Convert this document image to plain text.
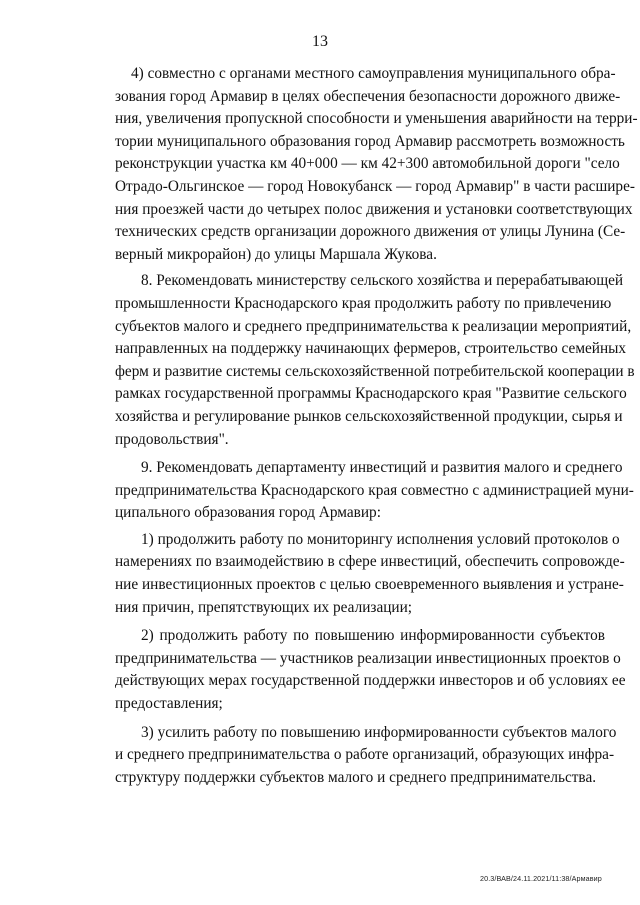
13
4) совместно с органами местного самоуправления муниципального обра-
зования город Армавир в целях обеспечения безопасности дорожного движе-
ния, увеличения пропускной способности и уменьшения аварийности на терри-
тории муниципального образования город Армавир рассмотреть возможность
реконструкции участка км 40+000 — км 42+300 автомобильной дороги "село
Отрадо-Ольгинское — город Новокубанск — город Армавир" в части расшире-
ния проезжей части до четырех полос движения и установки соответствующих
технических средств организации дорожного движения от улицы Лунина (Се-
верный микрорайон) до улицы Маршала Жукова.
8. Рекомендовать министерству сельского хозяйства и перерабатывающей
промышленности Краснодарского края продолжить работу по привлечению
субъектов малого и среднего предпринимательства к реализации мероприятий,
направленных на поддержку начинающих фермеров, строительство семейных
ферм и развитие системы сельскохозяйственной потребительской кооперации в
рамках государственной программы Краснодарского края "Развитие сельского
хозяйства и регулирование рынков сельскохозяйственной продукции, сырья и
продовольствия".
9. Рекомендовать департаменту инвестиций и развития малого и среднего
предпринимательства Краснодарского края совместно с администрацией муни-
ципального образования город Армавир:
1) продолжить работу по мониторингу исполнения условий протоколов о
намерениях по взаимодействию в сфере инвестиций, обеспечить сопровожде-
ние инвестиционных проектов с целью своевременного выявления и устране-
ния причин, препятствующих их реализации;
2) продолжить работу по повышению информированности субъектов
предпринимательства — участников реализации инвестиционных проектов о
действующих мерах государственной поддержки инвесторов и об условиях ее
предоставления;
3) усилить работу по повышению информированности субъектов малого
и среднего предпринимательства о работе организаций, образующих инфра-
структуру поддержки субъектов малого и среднего предпринимательства.
20.3/ВАВ/24.11.2021/11:38/Армавир
